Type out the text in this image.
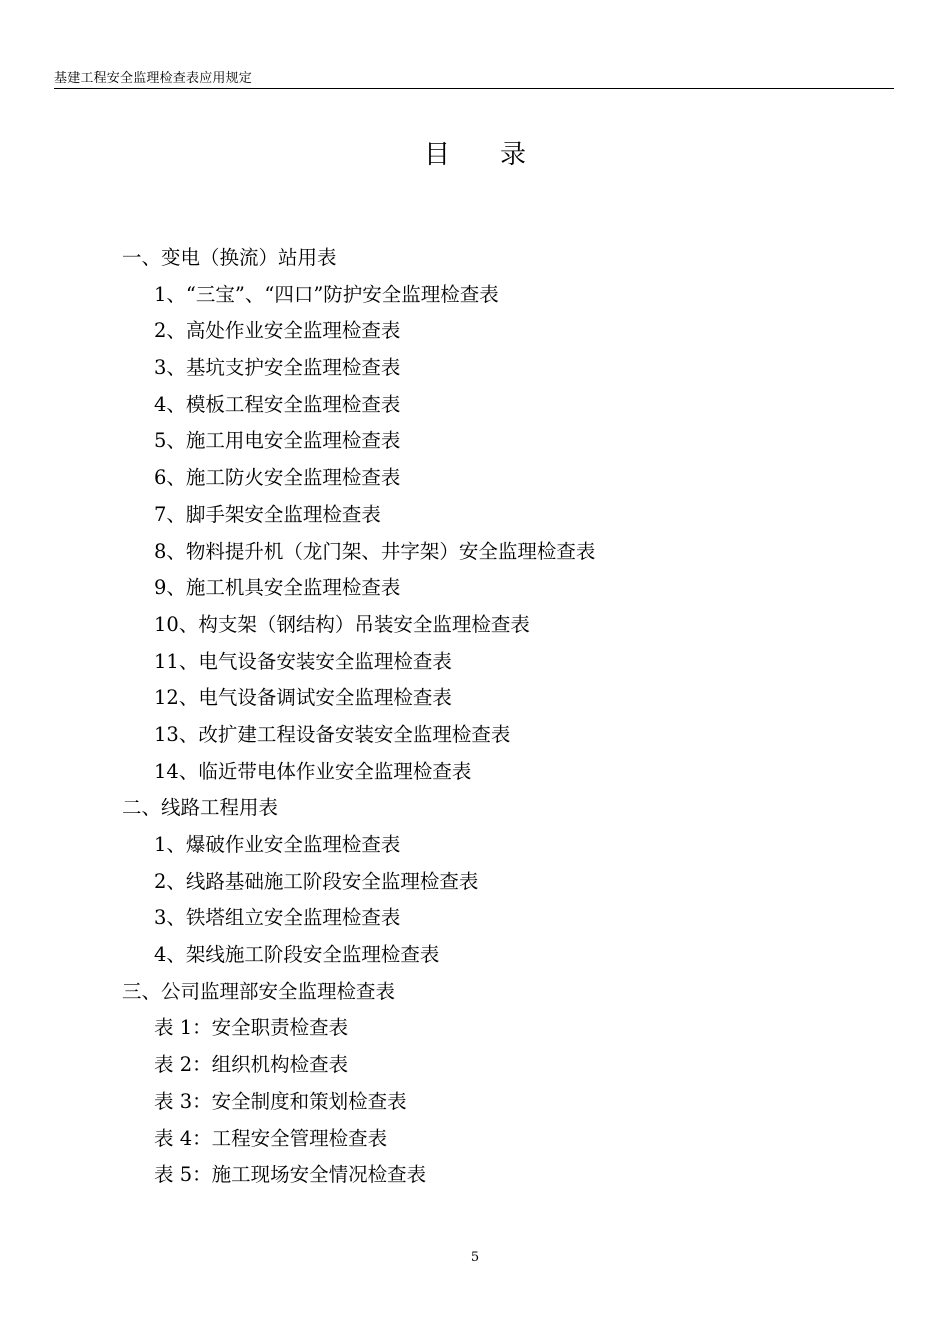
基建工程安全监理检查表应用规定
目录
一、变电（换流）站用表
1、“三宝”、“四口”防护安全监理检查表
2、高处作业安全监理检查表
3、基坑支护安全监理检查表
4、模板工程安全监理检查表
5、施工用电安全监理检查表
6、施工防火安全监理检查表
7、脚手架安全监理检查表
8、物料提升机（龙门架、井字架）安全监理检查表
9、施工机具安全监理检查表
10、构支架（钢结构）吊装安全监理检查表
11、电气设备安装安全监理检查表
12、电气设备调试安全监理检查表
13、改扩建工程设备安装安全监理检查表
14、临近带电体作业安全监理检查表
二、线路工程用表
1、爆破作业安全监理检查表
2、线路基础施工阶段安全监理检查表
3、铁塔组立安全监理检查表
4、架线施工阶段安全监理检查表
三、公司监理部安全监理检查表
表 1：安全职责检查表
表 2：组织机构检查表
表 3：安全制度和策划检查表
表 4：工程安全管理检查表
表 5：施工现场安全情况检查表
5
